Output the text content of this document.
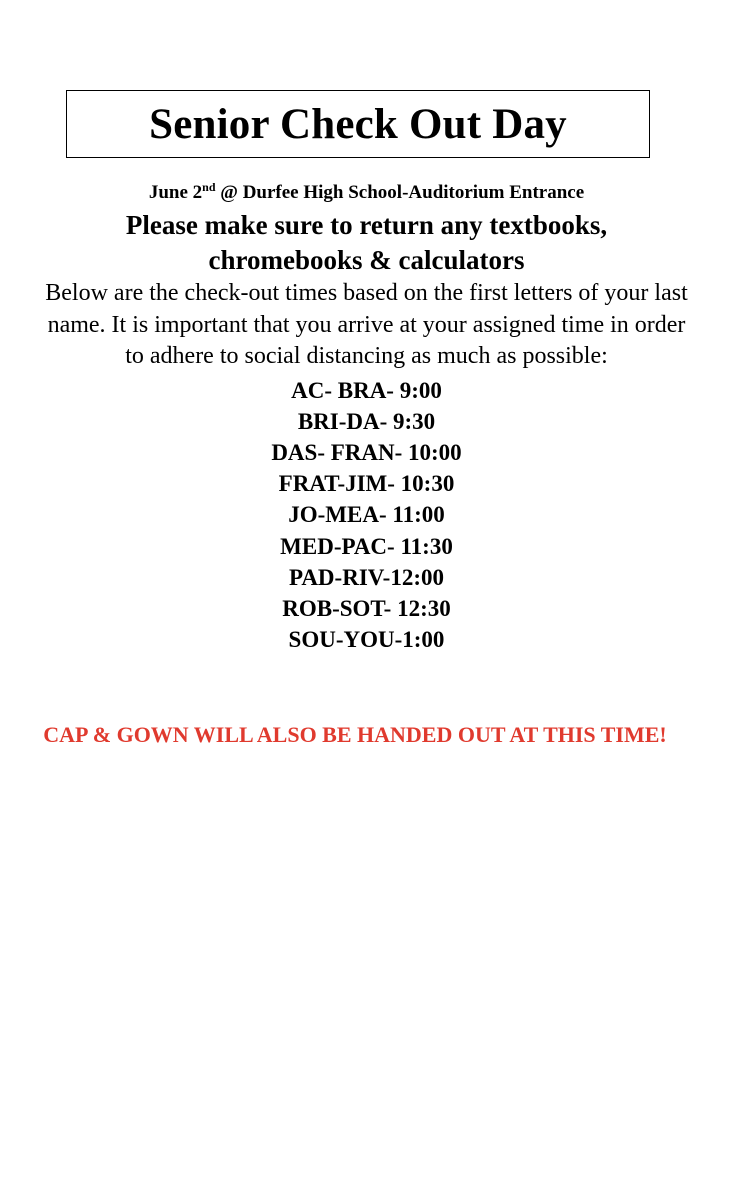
Senior Check Out Day

June 2nd @ Durfee High School-Auditorium Entrance

Please make sure to return any textbooks, chromebooks & calculators

Below are the check-out times based on the first letters of your last name. It is important that you arrive at your assigned time in order to adhere to social distancing as much as possible:

AC- BRA- 9:00
BRI-DA- 9:30
DAS- FRAN- 10:00
FRAT-JIM- 10:30
JO-MEA- 11:00
MED-PAC- 11:30
PAD-RIV-12:00
ROB-SOT- 12:30
SOU-YOU-1:00

CAP & GOWN WILL ALSO BE HANDED OUT AT THIS TIME!
